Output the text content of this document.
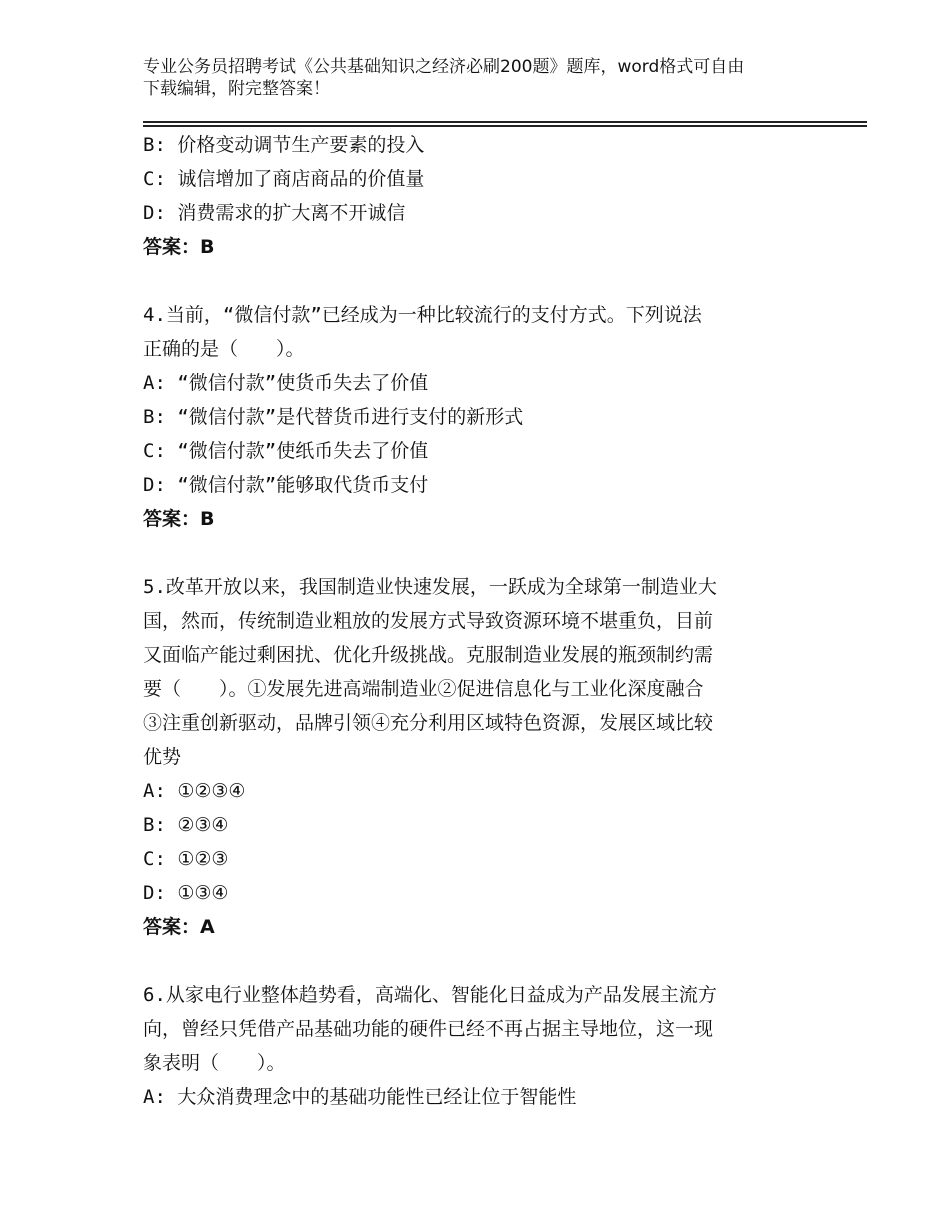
专业公务员招聘考试《公共基础知识之经济必刷200题》题库，word格式可自由
下载编辑，附完整答案！
B: 价格变动调节生产要素的投入
C: 诚信增加了商店商品的价值量
D: 消费需求的扩大离不开诚信
答案：B
4.当前，“微信付款”已经成为一种比较流行的支付方式。下列说法
正确的是（　　）。
A: “微信付款”使货币失去了价值
B: “微信付款”是代替货币进行支付的新形式
C: “微信付款”使纸币失去了价值
D: “微信付款”能够取代货币支付
答案：B
5.改革开放以来，我国制造业快速发展，一跃成为全球第一制造业大
国，然而，传统制造业粗放的发展方式导致资源环境不堪重负，目前
又面临产能过剩困扰、优化升级挑战。克服制造业发展的瓶颈制约需
要（　　）。①发展先进高端制造业②促进信息化与工业化深度融合
③注重创新驱动，品牌引领④充分利用区域特色资源，发展区域比较
优势
A: ①②③④
B: ②③④
C: ①②③
D: ①③④
答案：A
6.从家电行业整体趋势看，高端化、智能化日益成为产品发展主流方
向，曾经只凭借产品基础功能的硬件已经不再占据主导地位，这一现
象表明（　　）。
A: 大众消费理念中的基础功能性已经让位于智能性
